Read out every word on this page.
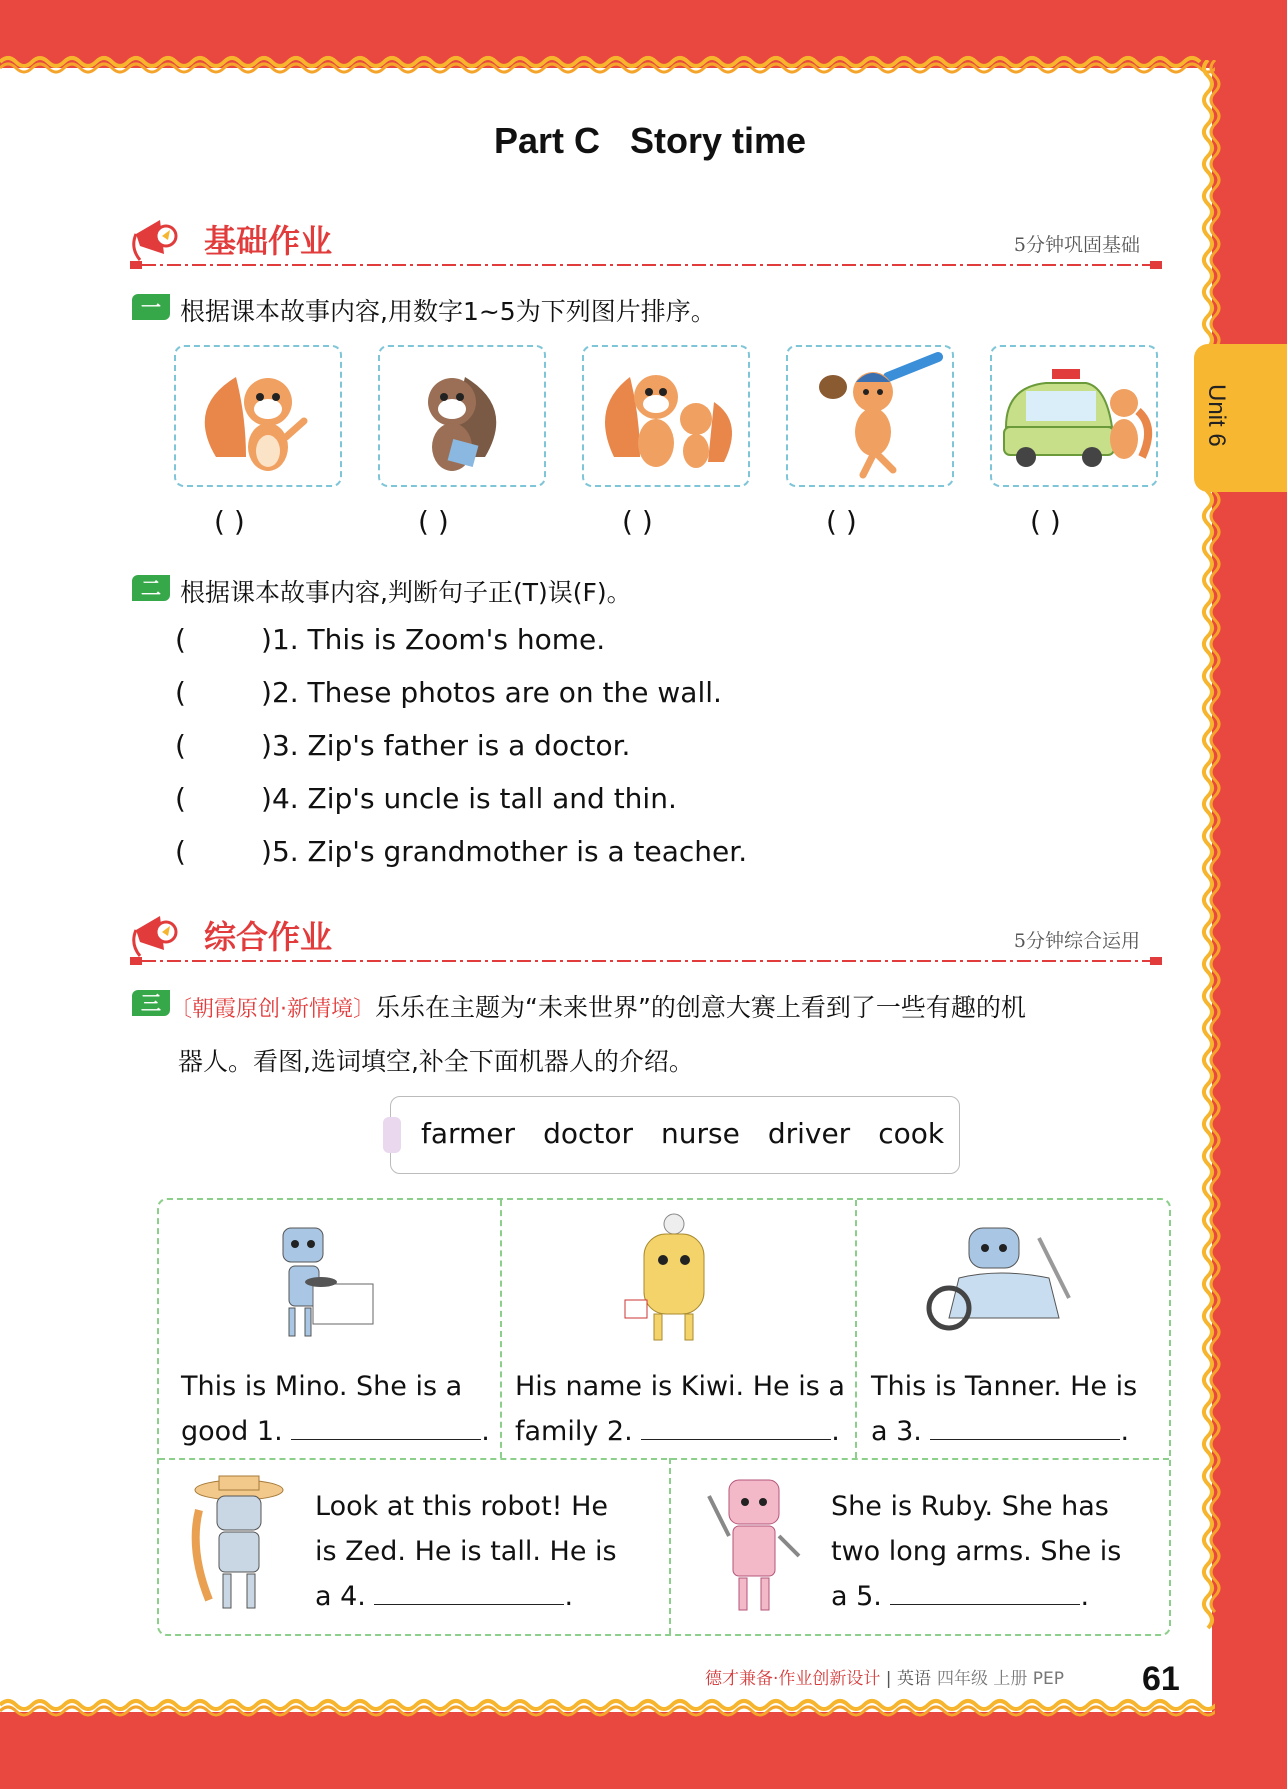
Part C Story time
Unit 6
基础作业	5分钟巩固基础
一 根据课本故事内容,用数字1~5为下列图片排序。
( )	( )	( )	( )	( )
二 根据课本故事内容,判断句子正(T)误(F)。
(	)1. This is Zoom's home.
(	)2. These photos are on the wall.
(	)3. Zip's father is a doctor.
(	)4. Zip's uncle is tall and thin.
(	)5. Zip's grandmother is a teacher.
综合作业	5分钟综合运用
三 〔朝霞原创·新情境〕乐乐在主题为“未来世界”的创意大赛上看到了一些有趣的机
器人。看图,选词填空,补全下面机器人的介绍。
farmer doctor nurse driver cook
This is Mino. She is a
good 1.	.
His name is Kiwi. He is a
family 2.	.
This is Tanner. He is
a 3.	.
Look at this robot! He
is Zed. He is tall. He is
a 4.	.
She is Ruby. She has
two long arms. She is
a 5.	.
德才兼备·作业创新设计 | 英语 四年级 上册 PEP 61
